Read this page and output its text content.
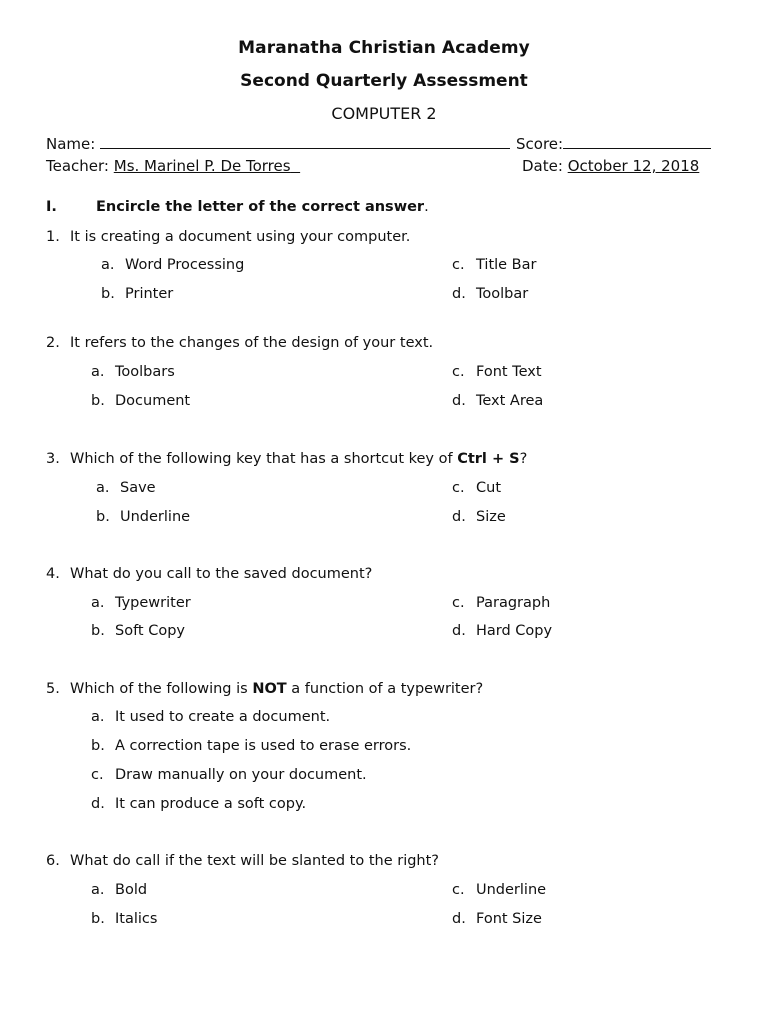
Maranatha Christian Academy
Second Quarterly Assessment
COMPUTER 2
Name:	Score:
Teacher: Ms. Marinel P. De Torres	Date: October 12, 2018
I.	Encircle the letter of the correct answer.
1. It is creating a document using your computer.
a. Word Processing
b. Printer
c. Title Bar
d. Toolbar
2. It refers to the changes of the design of your text.
a. Toolbars
b. Document
c. Font Text
d. Text Area
3. Which of the following key that has a shortcut key of Ctrl + S?
a. Save
b. Underline
c. Cut
d. Size
4. What do you call to the saved document?
a. Typewriter
b. Soft Copy
c. Paragraph
d. Hard Copy
5. Which of the following is NOT a function of a typewriter?
a. It used to create a document.
b. A correction tape is used to erase errors.
c. Draw manually on your document.
d. It can produce a soft copy.
6. What do call if the text will be slanted to the right?
a. Bold
b. Italics
c. Underline
d. Font Size
